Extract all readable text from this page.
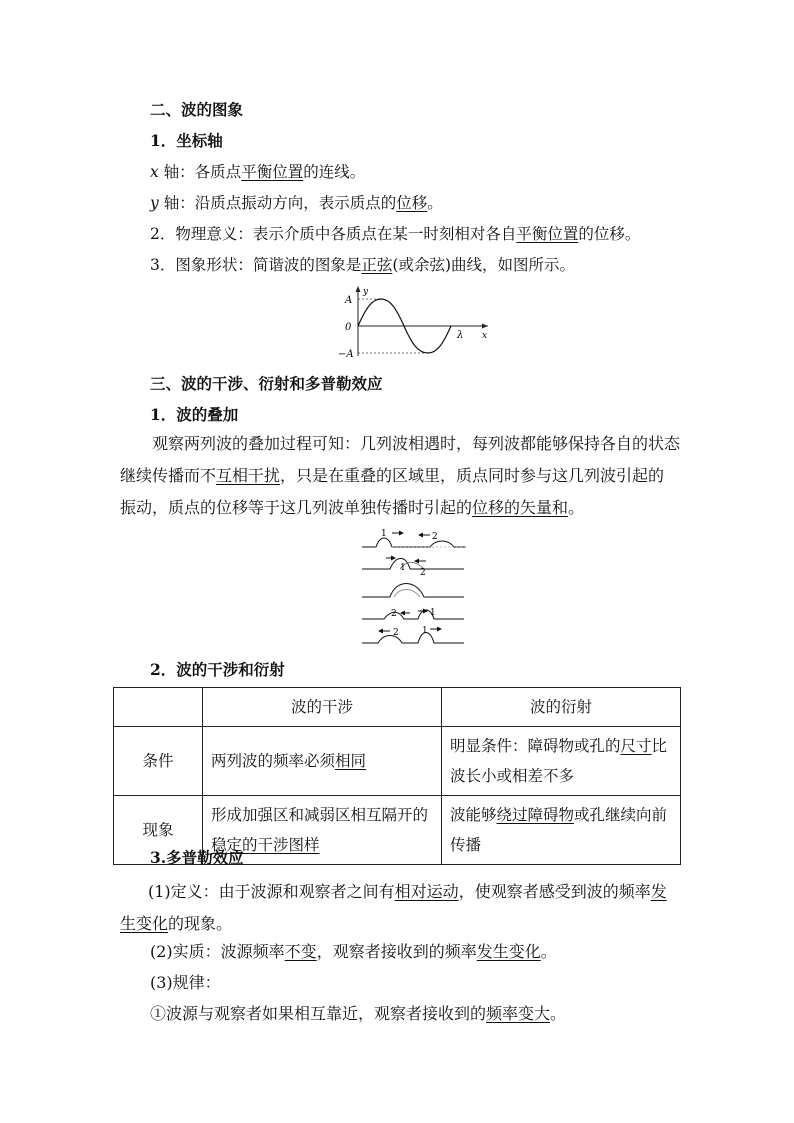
二、波的图象
1．坐标轴
x 轴：各质点平衡位置的连线。
y 轴：沿质点振动方向，表示质点的位移。
2．物理意义：表示介质中各质点在某一时刻相对各自平衡位置的位移。
3．图象形状：简谐波的图象是正弦(或余弦)曲线，如图所示。
y
A
0
−A
λ x
三、波的干涉、衍射和多普勒效应
1．波的叠加
观察两列波的叠加过程可知：几列波相遇时，每列波都能够保持各自的状态继续传播而不互相干扰，只是在重叠的区域里，质点同时参与这几列波引起的振动，质点的位移等于这几列波单独传播时引起的位移的矢量和。
1	2
1 2
2	1
2	1
2．波的干涉和衍射
	波的干涉	波的衍射
条件	两列波的频率必须相同	明显条件：障碍物或孔的尺寸比波长小或相差不多
现象	形成加强区和减弱区相互隔开的稳定的干涉图样	波能够绕过障碍物或孔继续向前传播
3.多普勒效应
(1)定义：由于波源和观察者之间有相对运动，使观察者感受到波的频率发生变化的现象。
(2)实质：波源频率不变，观察者接收到的频率发生变化。
(3)规律：
①波源与观察者如果相互靠近，观察者接收到的频率变大。
